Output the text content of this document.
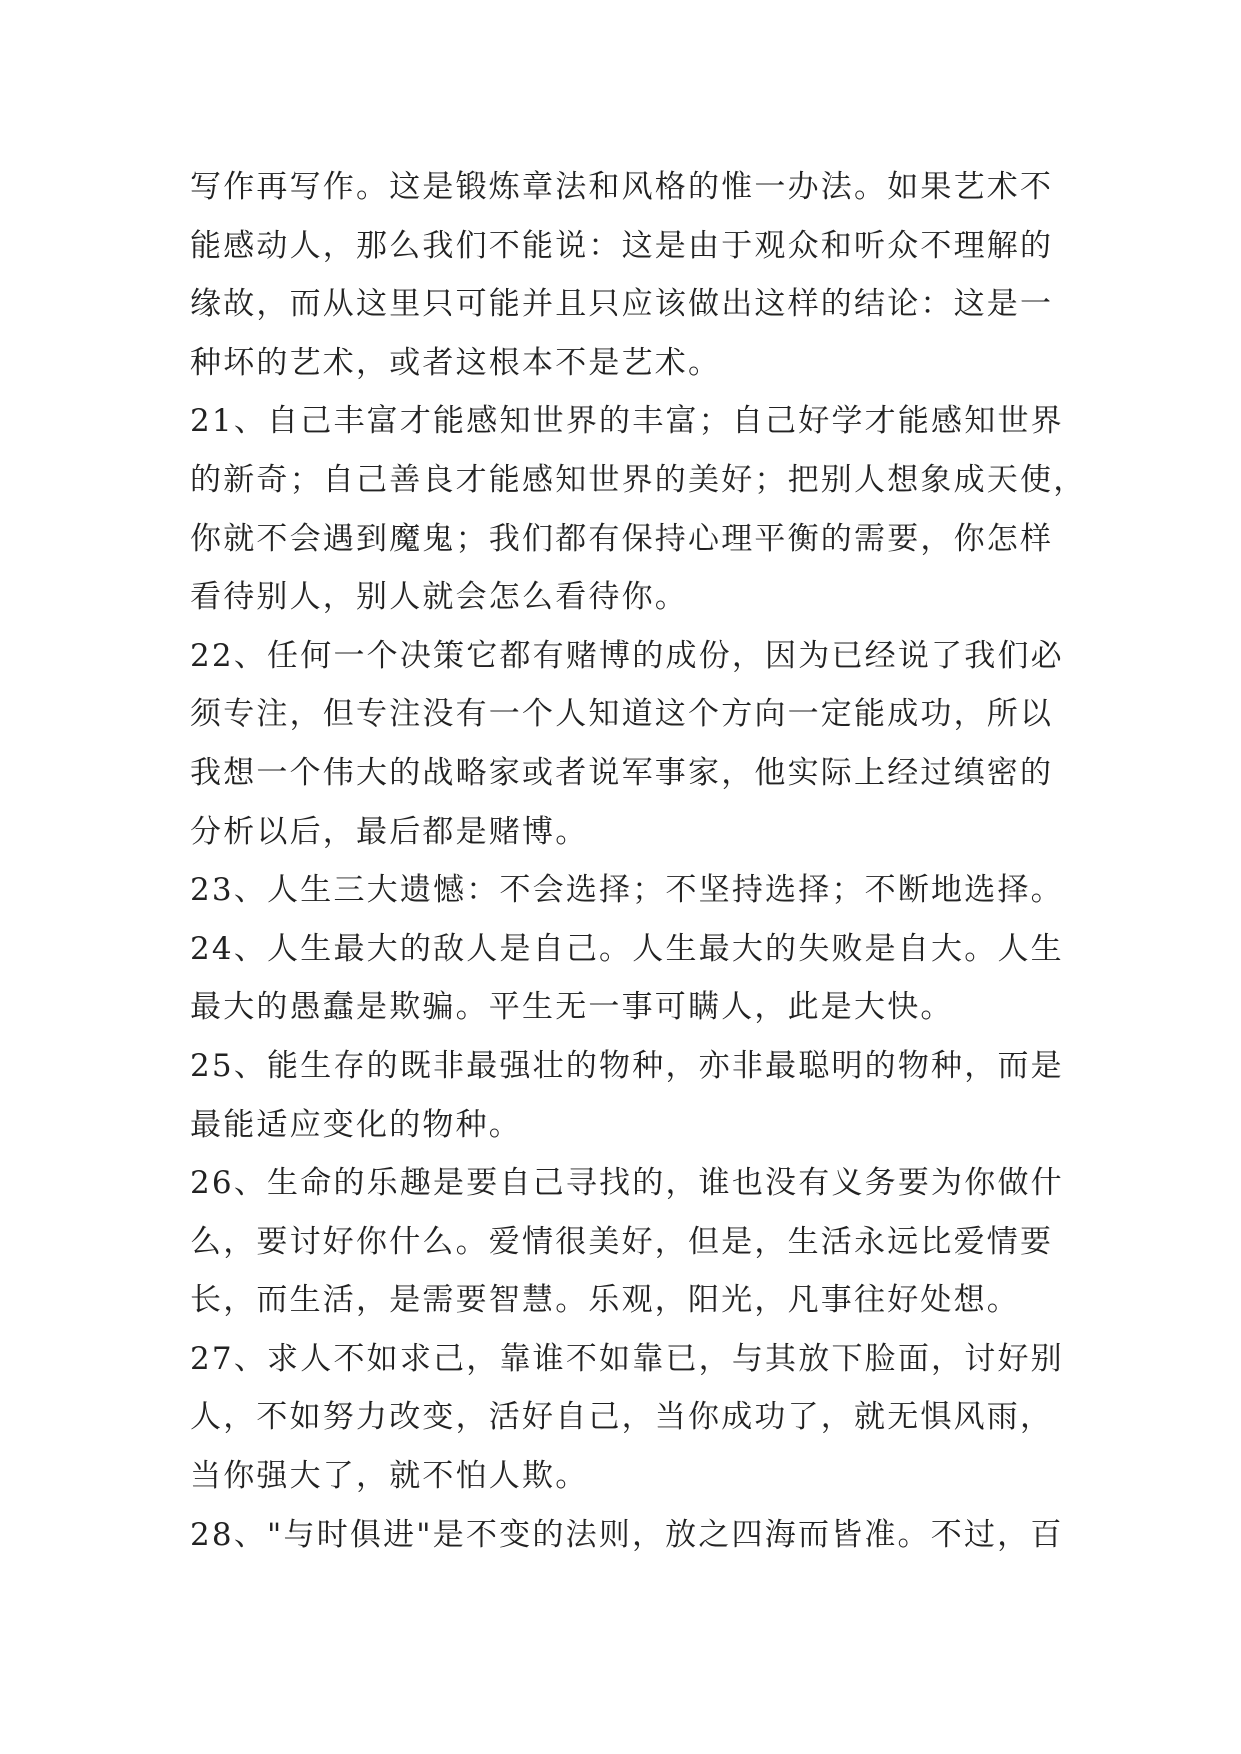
写作再写作。这是锻炼章法和风格的惟一办法。如果艺术不
能感动人，那么我们不能说：这是由于观众和听众不理解的
缘故，而从这里只可能并且只应该做出这样的结论：这是一
种坏的艺术，或者这根本不是艺术。
21、自己丰富才能感知世界的丰富；自己好学才能感知世界
的新奇；自己善良才能感知世界的美好；把别人想象成天使，
你就不会遇到魔鬼；我们都有保持心理平衡的需要，你怎样
看待别人，别人就会怎么看待你。
22、任何一个决策它都有赌博的成份，因为已经说了我们必
须专注，但专注没有一个人知道这个方向一定能成功，所以
我想一个伟大的战略家或者说军事家，他实际上经过缜密的
分析以后，最后都是赌博。
23、人生三大遗憾：不会选择；不坚持选择；不断地选择。
24、人生最大的敌人是自己。人生最大的失败是自大。人生
最大的愚蠢是欺骗。平生无一事可瞒人，此是大快。
25、能生存的既非最强壮的物种，亦非最聪明的物种，而是
最能适应变化的物种。
26、生命的乐趣是要自己寻找的，谁也没有义务要为你做什
么，要讨好你什么。爱情很美好，但是，生活永远比爱情要
长，而生活，是需要智慧。乐观，阳光，凡事往好处想。
27、求人不如求己，靠谁不如靠已，与其放下脸面，讨好别
人，不如努力改变，活好自己，当你成功了，就无惧风雨，
当你强大了，就不怕人欺。
28、"与时俱进"是不变的法则，放之四海而皆准。不过，百
